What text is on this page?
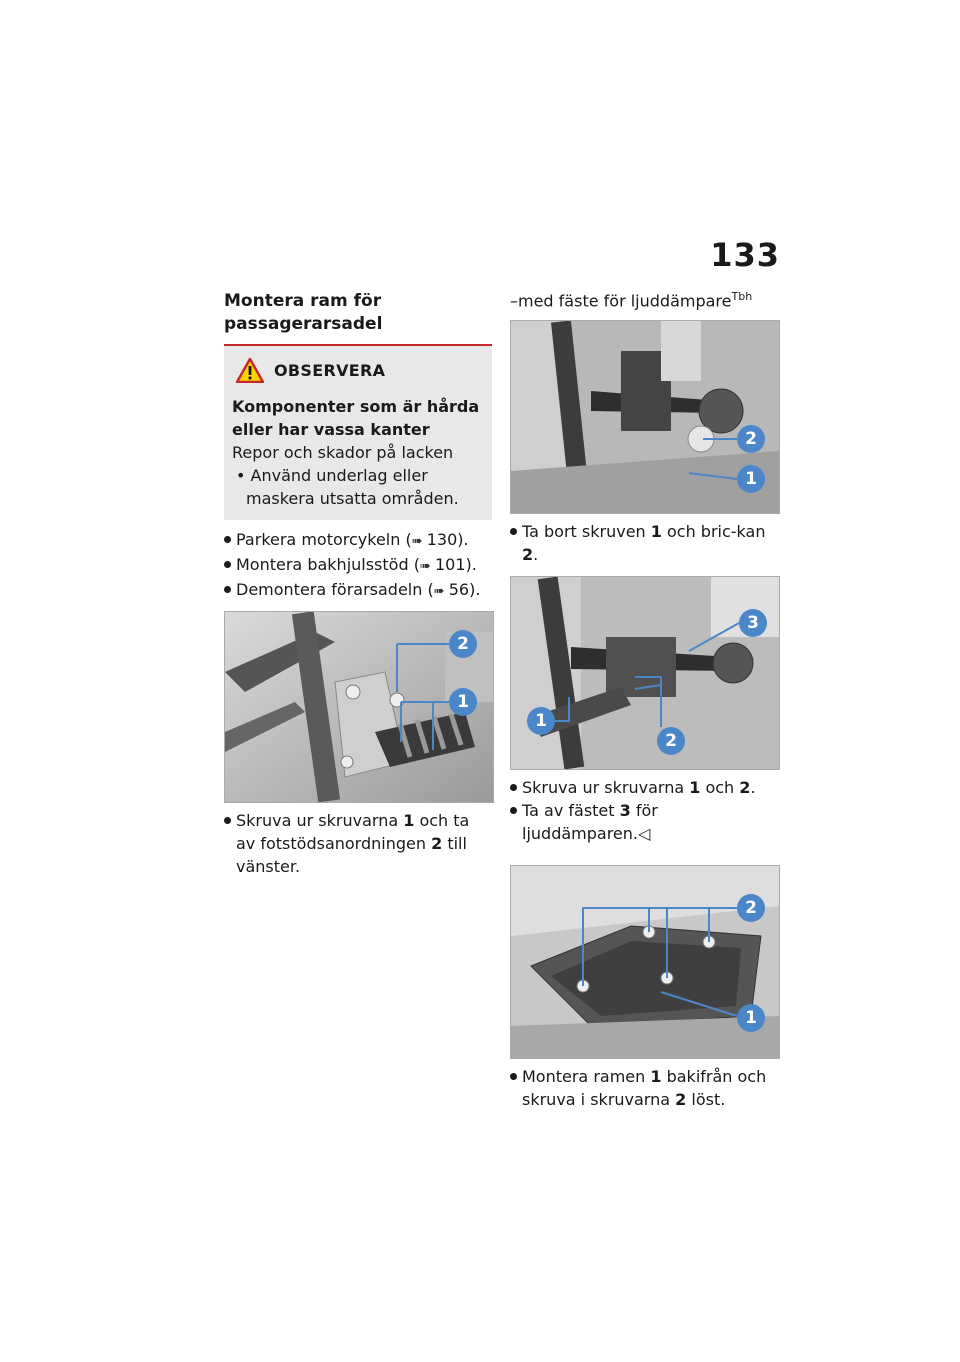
133
Montera ram för passagerarsadel
OBSERVERA
Komponenter som är hårda eller har vassa kanter
Repor och skador på lacken
• Använd underlag eller maskera utsatta områden.
Parkera motorcykeln (➠ 130).
Montera bakhjulsstöd (➠ 101).
Demontera förarsadeln (➠ 56).
2
1
Skruva ur skruvarna 1 och ta av fotstödsanordningen 2 till vänster.
–med fäste för ljuddämpare$^{Tbh}$
2
1
Ta bort skruven 1 och bric-kan 2.
3
1
2
Skruva ur skruvarna 1 och 2.
Ta av fästet 3 för ljuddämparen.◁
2
1
Montera ramen 1 bakifrån och skruva i skruvarna 2 löst.
